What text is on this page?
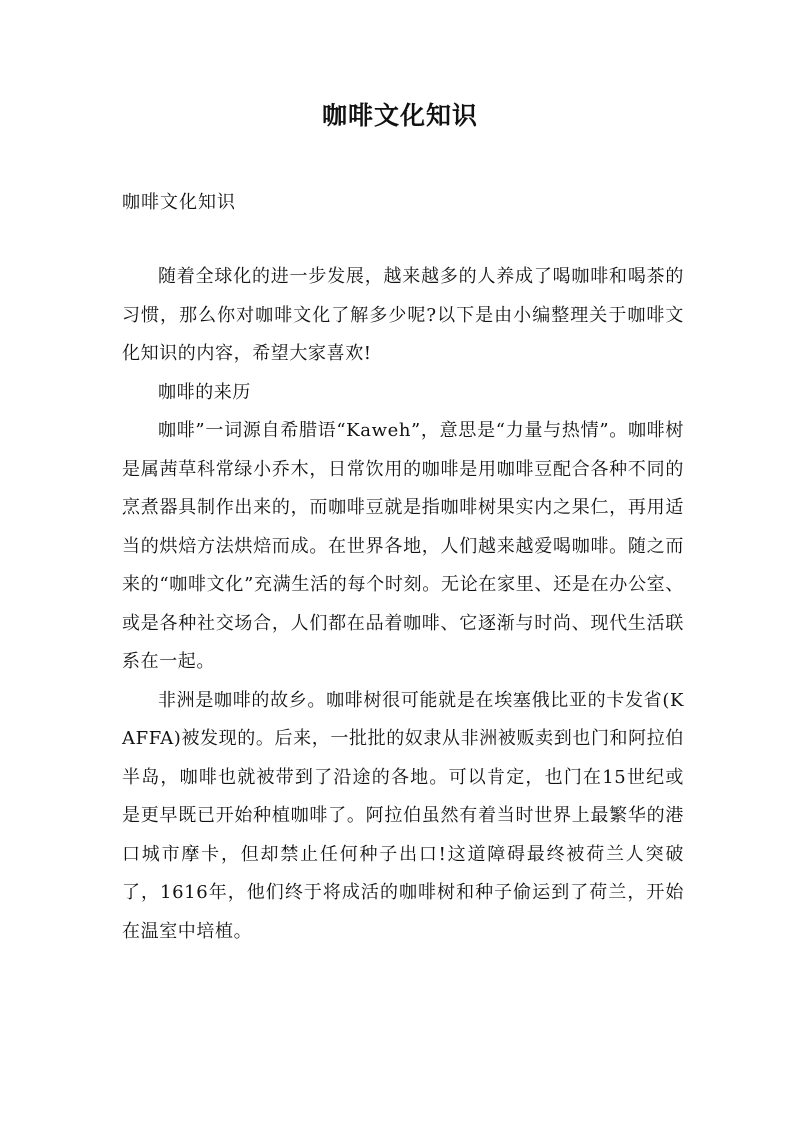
咖啡文化知识

咖啡文化知识

随着全球化的进一步发展，越来越多的人养成了喝咖啡和喝茶的习惯，那么你对咖啡文化了解多少呢?以下是由小编整理关于咖啡文化知识的内容，希望大家喜欢!

咖啡的来历

咖啡”一词源自希腊语“Kaweh”，意思是“力量与热情”。咖啡树是属茜草科常绿小乔木，日常饮用的咖啡是用咖啡豆配合各种不同的烹煮器具制作出来的，而咖啡豆就是指咖啡树果实内之果仁，再用适当的烘焙方法烘焙而成。在世界各地，人们越来越爱喝咖啡。随之而来的“咖啡文化”充满生活的每个时刻。无论在家里、还是在办公室、或是各种社交场合，人们都在品着咖啡、它逐渐与时尚、现代生活联系在一起。

非洲是咖啡的故乡。咖啡树很可能就是在埃塞俄比亚的卡发省(KAFFA)被发现的。后来，一批批的奴隶从非洲被贩卖到也门和阿拉伯半岛，咖啡也就被带到了沿途的各地。可以肯定，也门在15世纪或是更早既已开始种植咖啡了。阿拉伯虽然有着当时世界上最繁华的港口城市摩卡，但却禁止任何种子出口!这道障碍最终被荷兰人突破了，1616年，他们终于将成活的咖啡树和种子偷运到了荷兰，开始在温室中培植。
